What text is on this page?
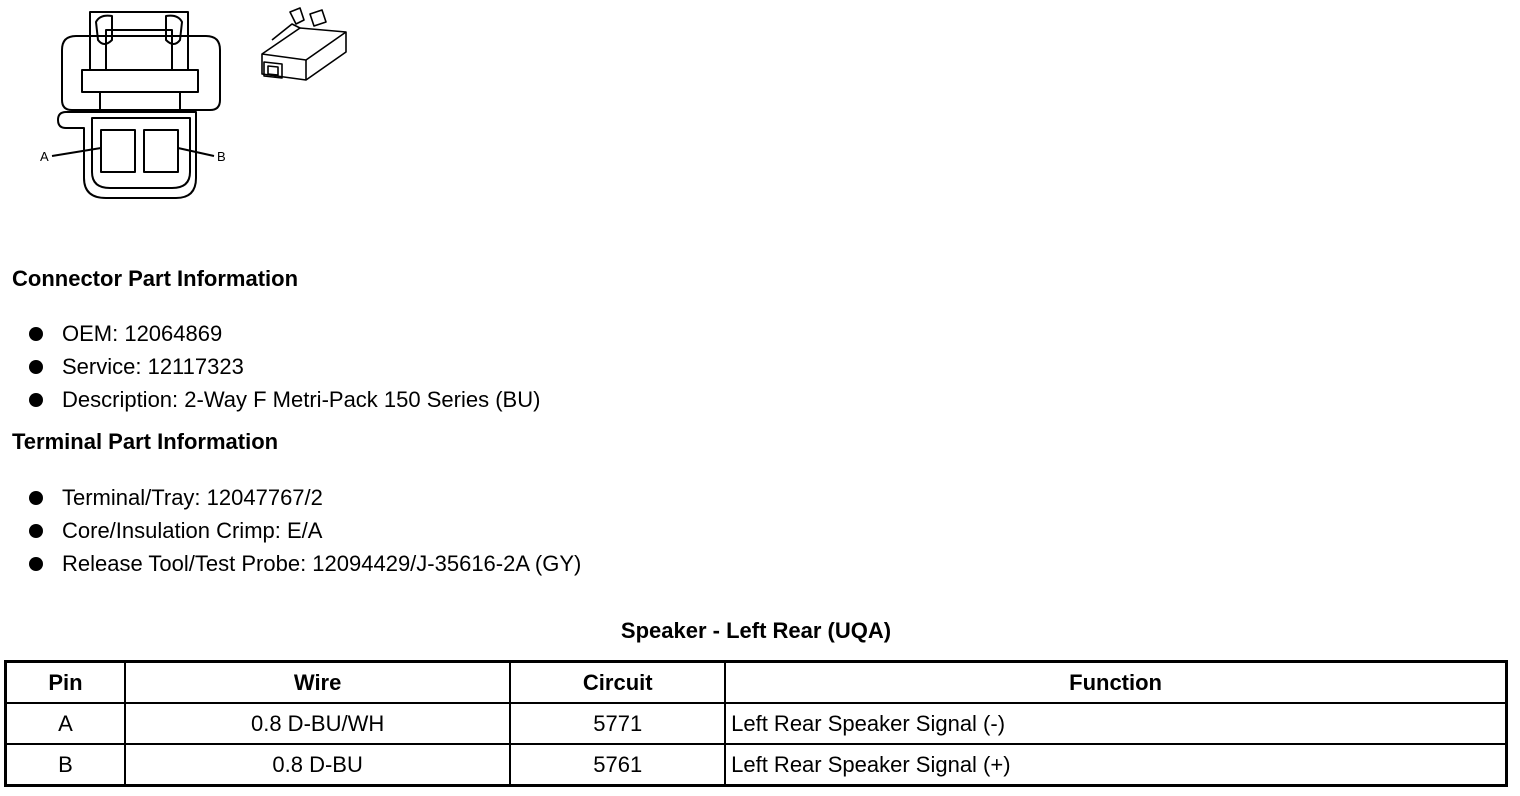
A	B
Connector Part Information
OEM: 12064869
Service: 12117323
Description: 2-Way F Metri-Pack 150 Series (BU)
Terminal Part Information
Terminal/Tray: 12047767/2
Core/Insulation Crimp: E/A
Release Tool/Test Probe: 12094429/J-35616-2A (GY)
Speaker - Left Rear (UQA)
Pin	Wire	Circuit	Function
A	0.8 D-BU/WH	5771	Left Rear Speaker Signal (-)
B	0.8 D-BU	5761	Left Rear Speaker Signal (+)
